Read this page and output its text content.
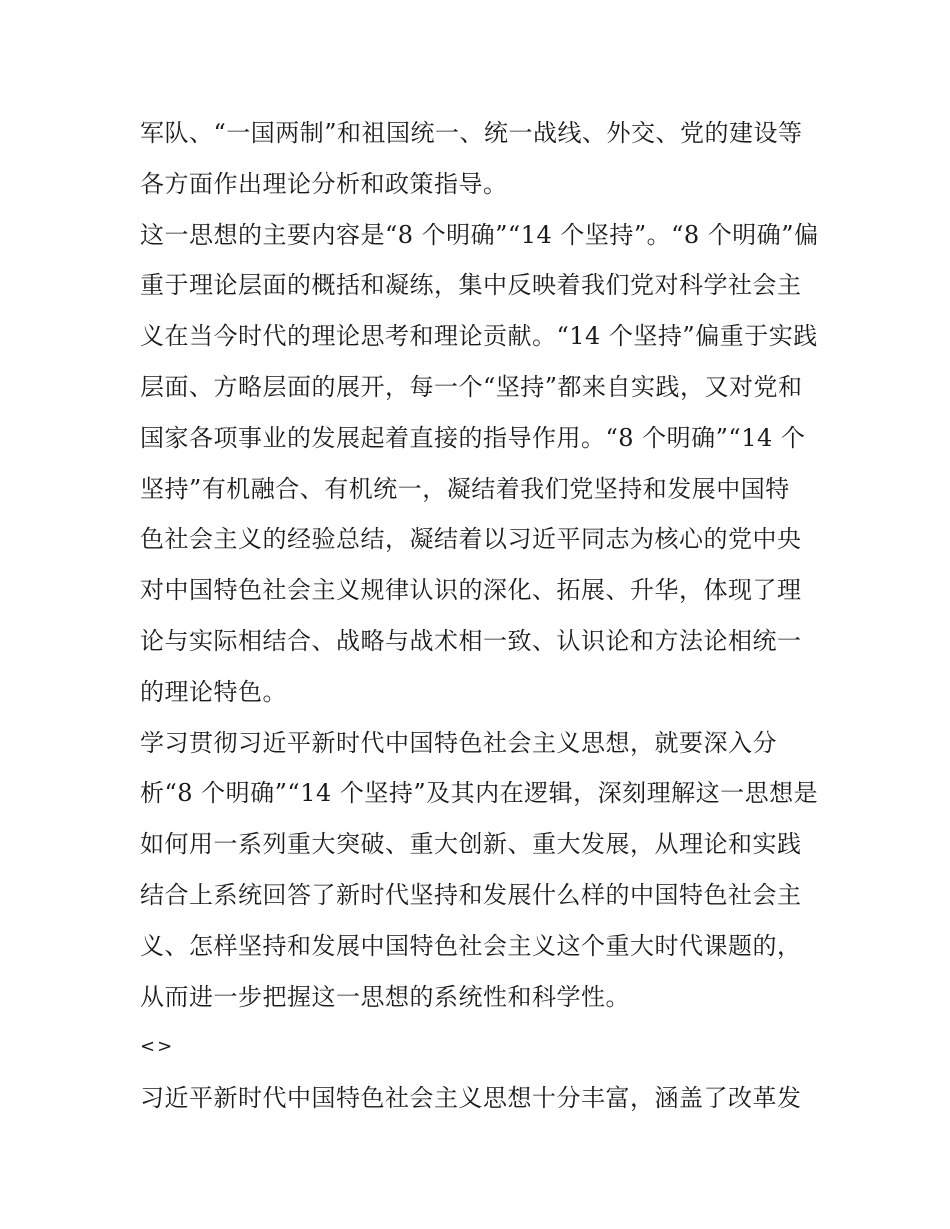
军队、“一国两制”和祖国统一、统一战线、外交、党的建设等
各方面作出理论分析和政策指导。
这一思想的主要内容是“8 个明确”“14 个坚持”。“8 个明确”偏
重于理论层面的概括和凝练，集中反映着我们党对科学社会主
义在当今时代的理论思考和理论贡献。“14 个坚持”偏重于实践
层面、方略层面的展开，每一个“坚持”都来自实践，又对党和
国家各项事业的发展起着直接的指导作用。“8 个明确”“14 个
坚持”有机融合、有机统一，凝结着我们党坚持和发展中国特
色社会主义的经验总结，凝结着以习近平同志为核心的党中央
对中国特色社会主义规律认识的深化、拓展、升华，体现了理
论与实际相结合、战略与战术相一致、认识论和方法论相统一
的理论特色。
学习贯彻习近平新时代中国特色社会主义思想，就要深入分
析“8 个明确”“14 个坚持”及其内在逻辑，深刻理解这一思想是
如何用一系列重大突破、重大创新、重大发展，从理论和实践
结合上系统回答了新时代坚持和发展什么样的中国特色社会主
义、怎样坚持和发展中国特色社会主义这个重大时代课题的，
从而进一步把握这一思想的系统性和科学性。
<>
习近平新时代中国特色社会主义思想十分丰富，涵盖了改革发
